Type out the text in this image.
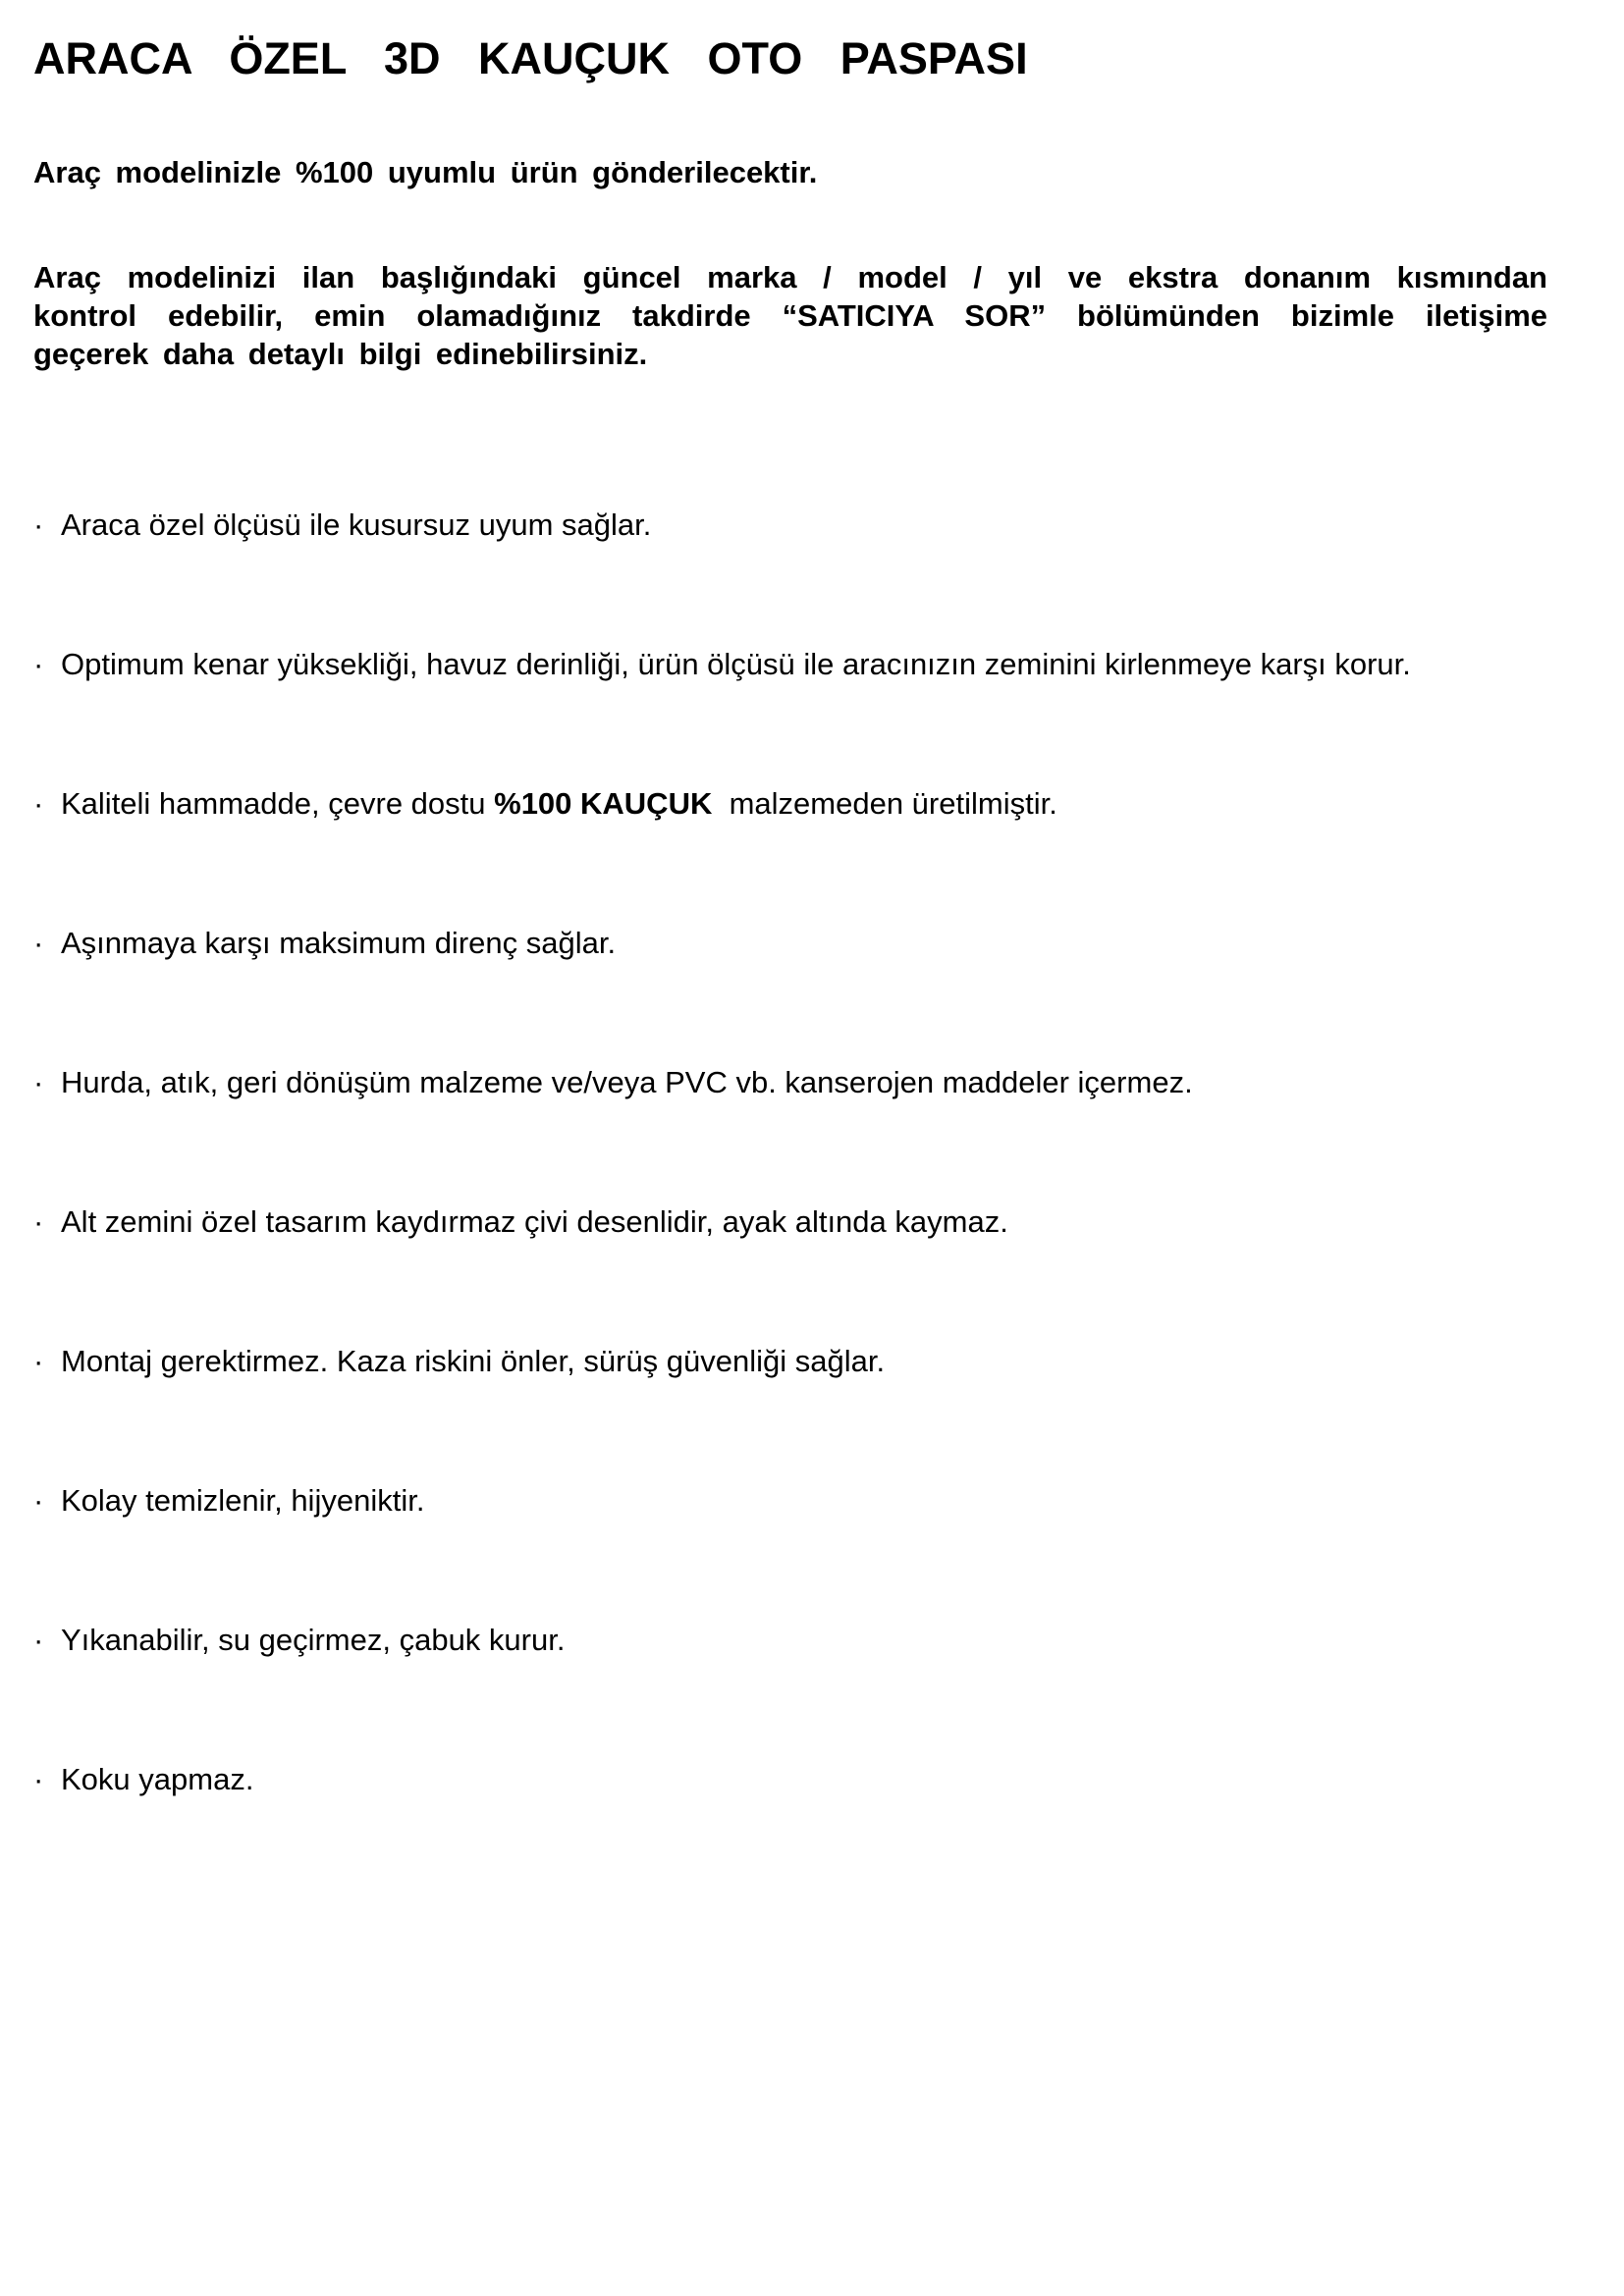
ARACA ÖZEL 3D KAUÇUK OTO PASPASI

Araç modelinizle %100 uyumlu ürün gönderilecektir.

Araç modelinizi ilan başlığındaki güncel marka / model / yıl ve ekstra donanım kısmından
kontrol edebilir, emin olamadığınız takdirde “SATICIYA SOR” bölümünden bizimle iletişime
geçerek daha detaylı bilgi edinebilirsiniz.

· Araca özel ölçüsü ile kusursuz uyum sağlar.
· Optimum kenar yüksekliği, havuz derinliği, ürün ölçüsü ile aracınızın zeminini kirlenmeye karşı korur.
· Kaliteli hammadde, çevre dostu %100 KAUÇUK  malzemeden üretilmiştir.
· Aşınmaya karşı maksimum direnç sağlar.
· Hurda, atık, geri dönüşüm malzeme ve/veya PVC vb. kanserojen maddeler içermez.
· Alt zemini özel tasarım kaydırmaz çivi desenlidir, ayak altında kaymaz.
· Montaj gerektirmez. Kaza riskini önler, sürüş güvenliği sağlar.
· Kolay temizlenir, hijyeniktir.
· Yıkanabilir, su geçirmez, çabuk kurur.
· Koku yapmaz.
